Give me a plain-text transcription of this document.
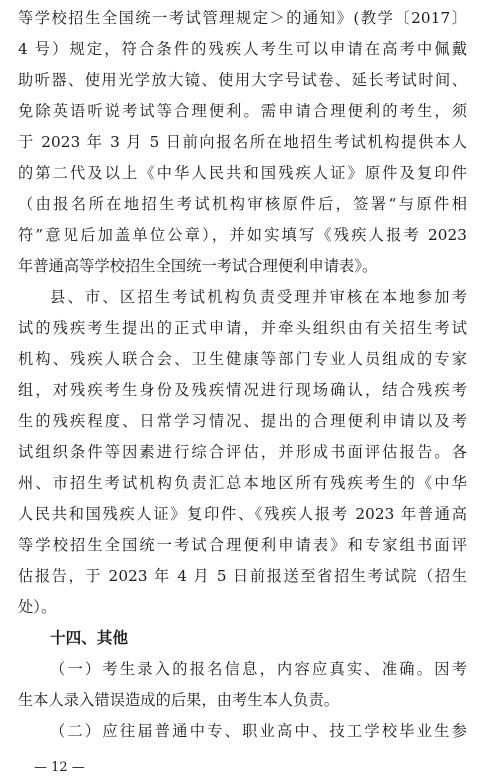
等学校招生全国统一考试管理规定＞的通知》(教学〔2017〕
4 号）规定，符合条件的残疾人考生可以申请在高考中佩戴
助听器、使用光学放大镜、使用大字号试卷、延长考试时间、
免除英语听说考试等合理便利。需申请合理便利的考生，须
于 2023 年 3 月 5 日前向报名所在地招生考试机构提供本人
的第二代及以上《中华人民共和国残疾人证》原件及复印件
（由报名所在地招生考试机构审核原件后，签署“与原件相
符”意见后加盖单位公章），并如实填写《残疾人报考 2023
年普通高等学校招生全国统一考试合理便利申请表》。
县、市、区招生考试机构负责受理并审核在本地参加考
试的残疾考生提出的正式申请，并牵头组织由有关招生考试
机构、残疾人联合会、卫生健康等部门专业人员组成的专家
组，对残疾考生身份及残疾情况进行现场确认，结合残疾考
生的残疾程度、日常学习情况、提出的合理便利申请以及考
试组织条件等因素进行综合评估，并形成书面评估报告。各
州、市招生考试机构负责汇总本地区所有残疾考生的《中华
人民共和国残疾人证》复印件、《残疾人报考 2023 年普通高
等学校招生全国统一考试合理便利申请表》和专家组书面评
估报告，于 2023 年 4 月 5 日前报送至省招生考试院（招生
处）。
十四、其他
（一）考生录入的报名信息，内容应真实、准确。因考
生本人录入错误造成的后果，由考生本人负责。
（二）应往届普通中专、职业高中、技工学校毕业生参
— 12 —
